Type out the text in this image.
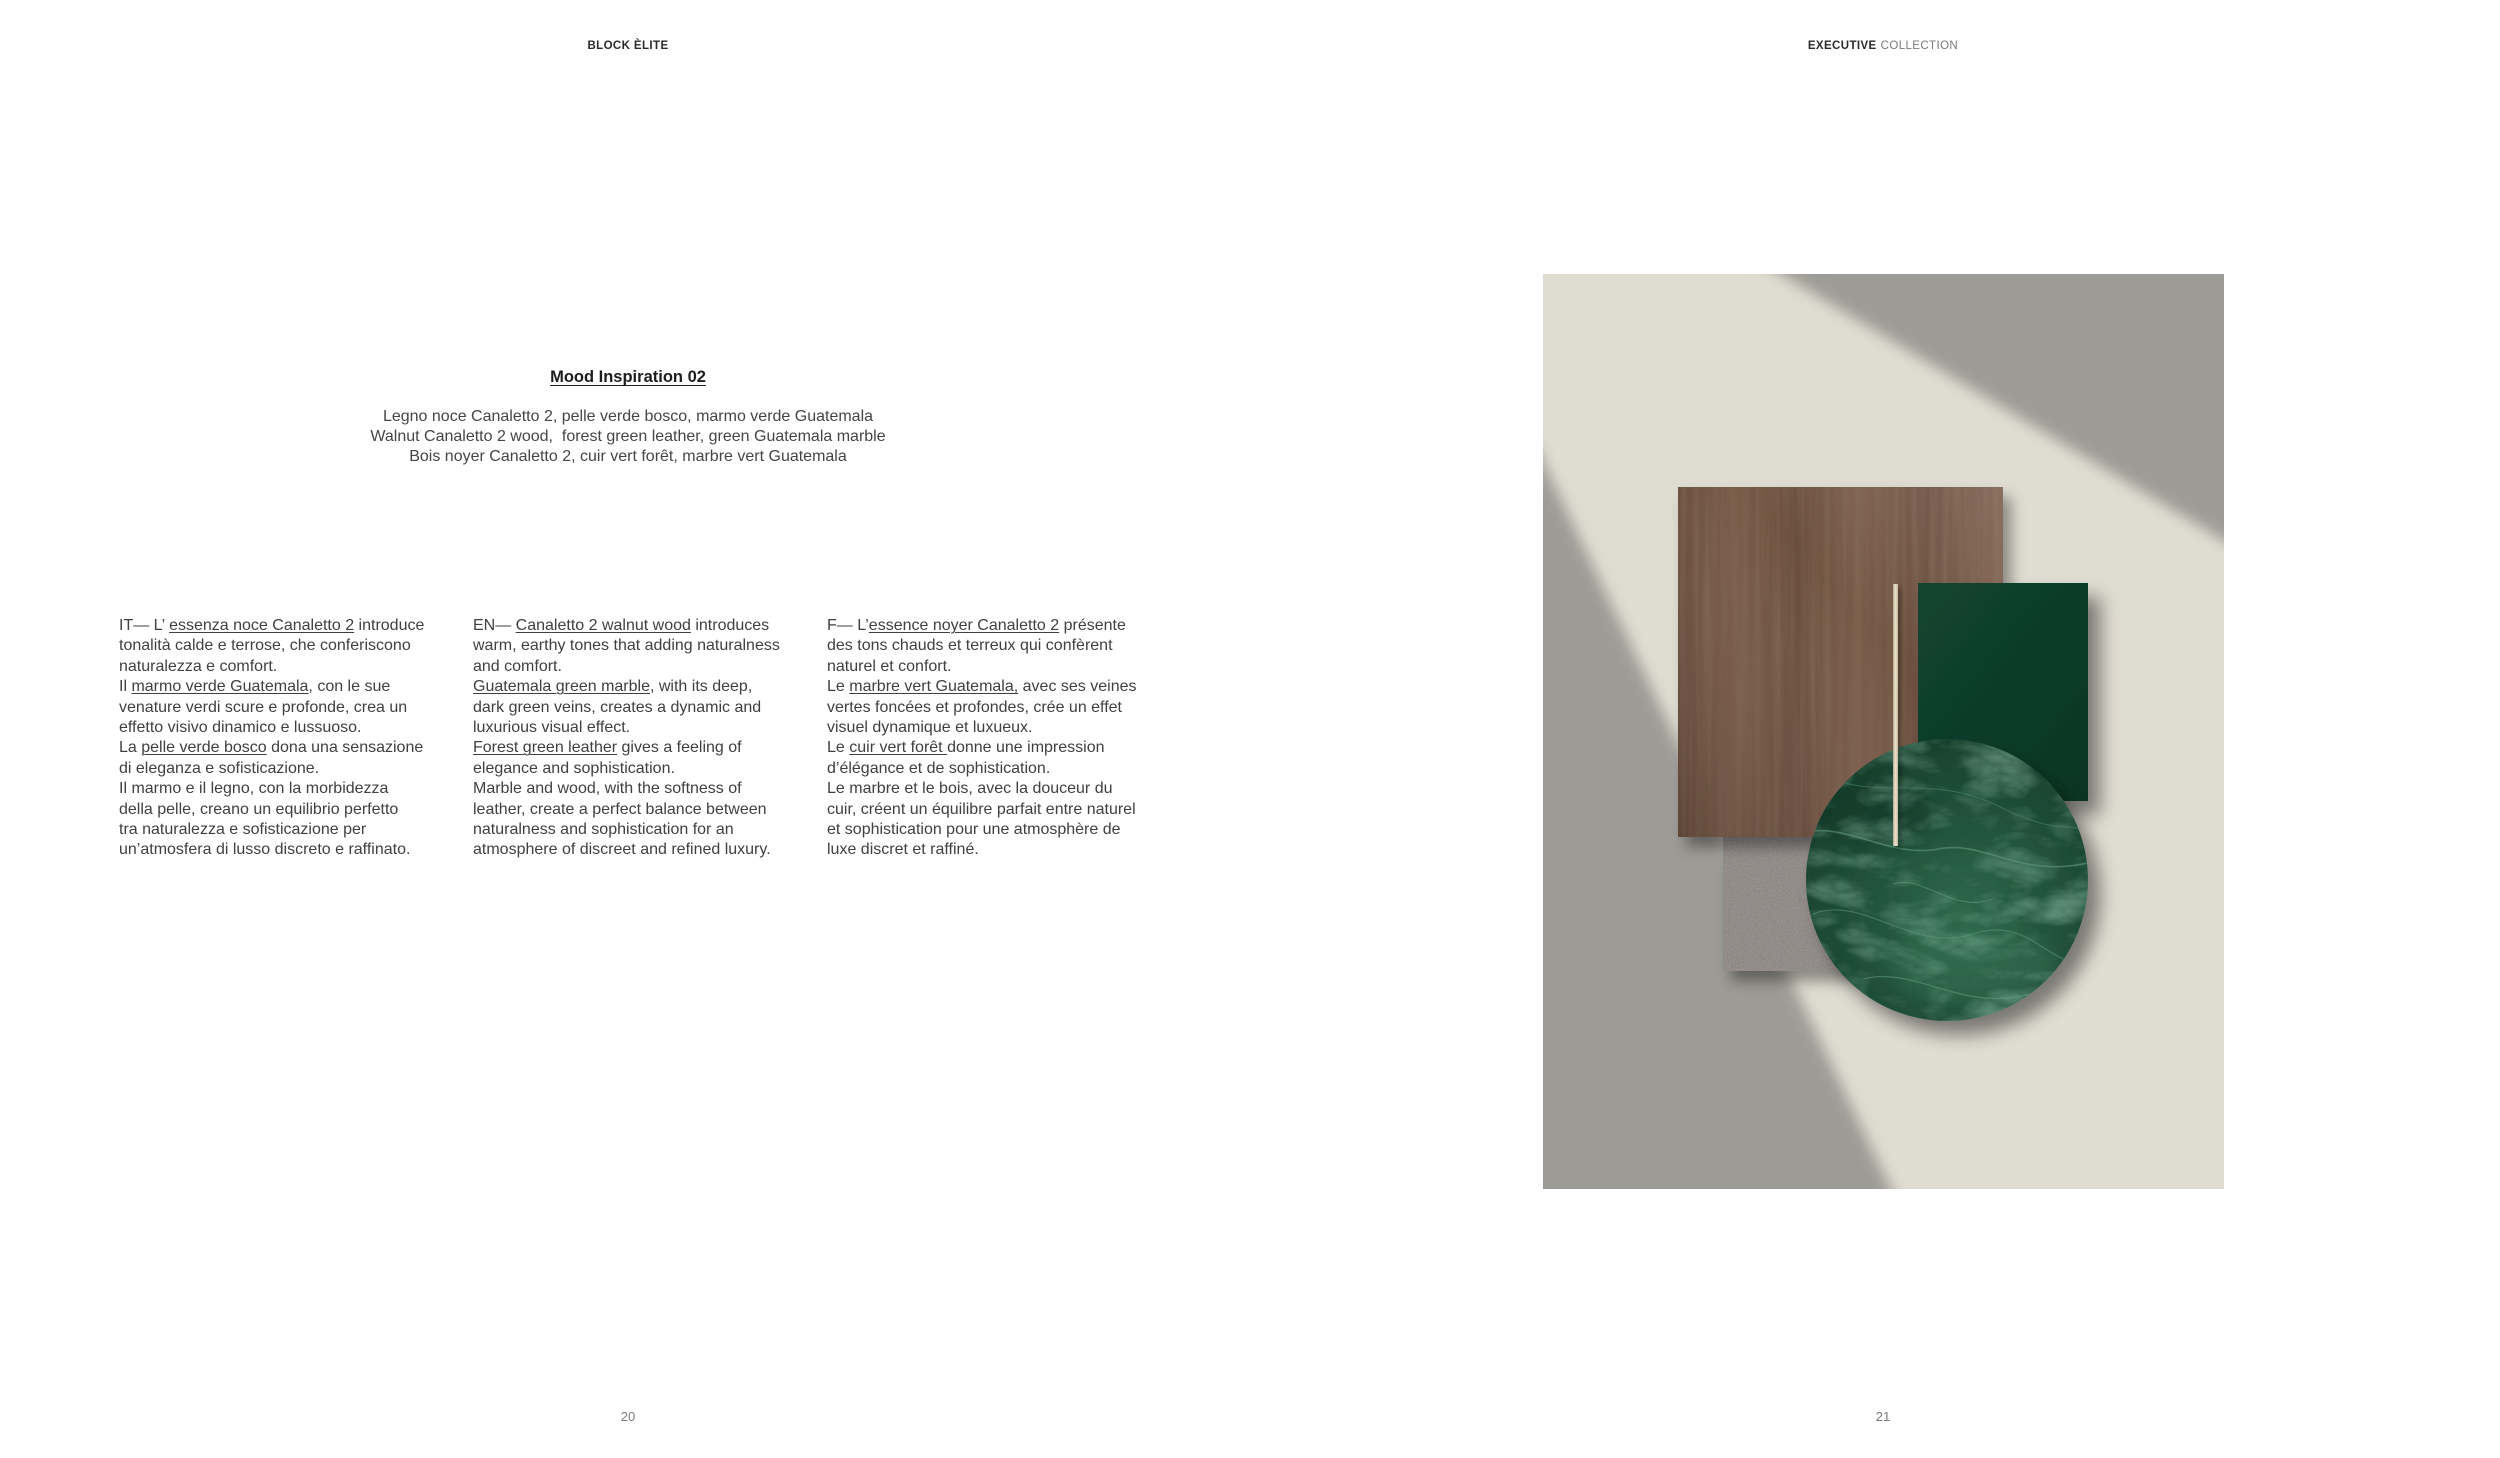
BLOCK ÈLITE
Mood Inspiration 02
Legno noce Canaletto 2, pelle verde bosco, marmo verde Guatemala
Walnut Canaletto 2 wood,  forest green leather, green Guatemala marble
Bois noyer Canaletto 2, cuir vert forêt, marbre vert Guatemala
IT— L’ essenza noce Canaletto 2 introduce
tonalità calde e terrose, che conferiscono
naturalezza e comfort.
Il marmo verde Guatemala, con le sue
venature verdi scure e profonde, crea un
effetto visivo dinamico e lussuoso.
La pelle verde bosco dona una sensazione
di eleganza e sofisticazione.
Il marmo e il legno, con la morbidezza
della pelle, creano un equilibrio perfetto
tra naturalezza e sofisticazione per
un’atmosfera di lusso discreto e raffinato.
EN— Canaletto 2 walnut wood introduces
warm, earthy tones that adding naturalness
and comfort.
Guatemala green marble, with its deep,
dark green veins, creates a dynamic and
luxurious visual effect.
Forest green leather gives a feeling of
elegance and sophistication.
Marble and wood, with the softness of
leather, create a perfect balance between
naturalness and sophistication for an
atmosphere of discreet and refined luxury.
F— L’essence noyer Canaletto 2 présente
des tons chauds et terreux qui confèrent
naturel et confort.
Le marbre vert Guatemala, avec ses veines
vertes foncées et profondes, crée un effet
visuel dynamique et luxueux.
Le cuir vert forêt donne une impression
d’élégance et de sophistication.
Le marbre et le bois, avec la douceur du
cuir, créent un équilibre parfait entre naturel
et sophistication pour une atmosphère de
luxe discret et raffiné.
20
EXECUTIVE COLLECTION
21
